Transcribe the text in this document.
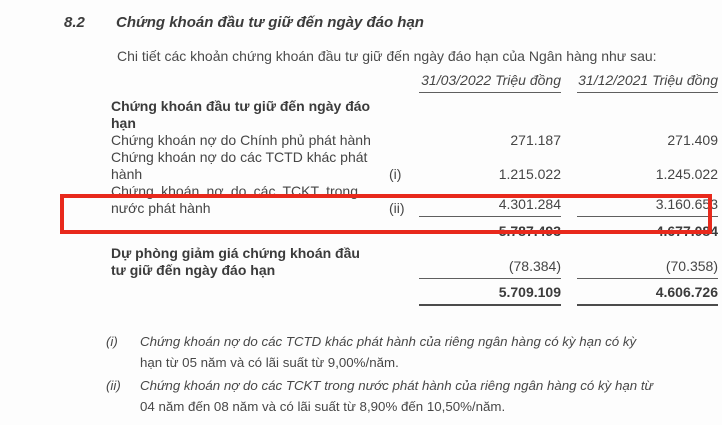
8.2 Chứng khoán đầu tư giữ đến ngày đáo hạn
Chi tiết các khoản chứng khoán đầu tư giữ đến ngày đáo hạn của Ngân hàng như sau:
31/03/2022 Triệu đồng 31/12/2021 Triệu đồng
Chứng khoán đầu tư giữ đến ngày đáo
hạn
Chứng khoán nợ do Chính phủ phát hành	271.187	271.409
Chứng khoán nợ do các TCTD khác phát
hành	(i)	1.215.022	1.245.022
Chứng khoán nợ do các TCKT trong
nước phát hành	(ii)	4.301.284	3.160.653
5.787.493	4.677.084
Dự phòng giảm giá chứng khoán đầu
tư giữ đến ngày đáo hạn	(78.384)	(70.358)
5.709.109	4.606.726
(i)	Chứng khoán nợ do các TCTD khác phát hành của riêng ngân hàng có kỳ hạn có kỳ
hạn từ 05 năm và có lãi suất từ 9,00%/năm.
(ii)	Chứng khoán nợ do các TCKT trong nước phát hành của riêng ngân hàng có kỳ hạn từ
04 năm đến 08 năm và có lãi suất từ 8,90% đến 10,50%/năm.
